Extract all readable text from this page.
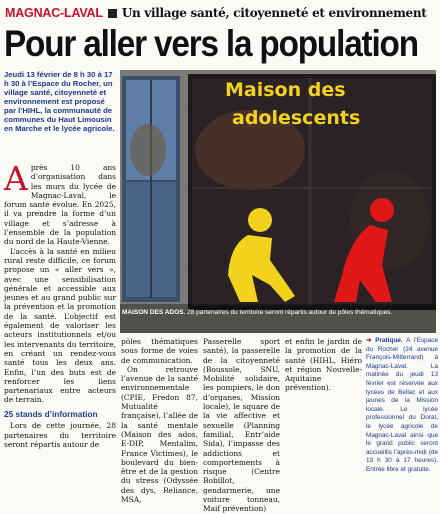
MAGNAC-LAVAL Un village santé, citoyenneté et environnement
Pour aller vers la population
Jeudi 13 février de 8 h 30 à 17 h 30 à l’Espace du Rocher, un village santé, citoyenneté et environnement est proposé par l’HIHL, la communauté de communes du Haut Limousin en Marche et le lycée agricole.
Maison des
adolescents
MAISON DES ADOS. 28 partenaires du territoire seront répartis autour de pôles thématiques.

Après 10 ans d’organisation dans les murs du lycée de Magnac-Laval, le forum santé évolue. En 2025, il va prendre la forme d’un village et s’adresse à l’ensemble de la population du nord de la Haute-Vienne.

L’accès à la santé en milieu rural reste difficile, ce forum propose un « aller vers », avec une sensibilisation générale et accessible aux jeunes et au grand public sur la prévention et la promotion de la santé. L’objectif est également de valoriser les acteurs institutionnels et/ou les intervenants du territoire, en créant un rendez-vous santé tous les deux ans. Enfin, l’un des buts est de renforcer les liens partenariaux entre acteurs de terrain.

25 stands d’information

Lors de cette journée, 28 partenaires du territoire seront répartis autour de

pôles thématiques sous forme de voies de communication.

On retrouve l’avenue de la santé environnementale (CPIE, Fredon 87, Mutualité française), l’allée de la santé mentale (Maison des ados, E-DIP, Mentalim, France Victimes), le boulevard du bien-être et de la gestion du stress (Odyssée des dys, Reliance, MSA,

Passerelle sport santé), la passerelle de la citoyenneté (Boussole, SNU, Mobilité solidaire, les pompiers, le don d’organes, Mission locale), le square de la vie affective et sexuelle (Planning familial, Entr’aide Sida), l’impasse des addictions et comportements à risque (Centre Bobillot, gendarmerie, une voiture tonneau, Maif prévention)

et enfin le jardin de la promotion de la santé (HIHL, Hiéro et région Nouvelle-Aquitaine prévention).

➜ Pratique. A l’Espace du Rocher (24 avenue François-Mitterrand) à Magnac-Laval. La matinée du jeudi 13 février est réservée aux lycées de Bellac et aux jeunes de la Mission locale. Le lycée professionnel du Dorat, le lycée agricole de Magnac-Laval ainsi que le grand public seront accueillis l’après-midi (de 13 h 30 à 17 heures). Entrée libre et gratuite.
